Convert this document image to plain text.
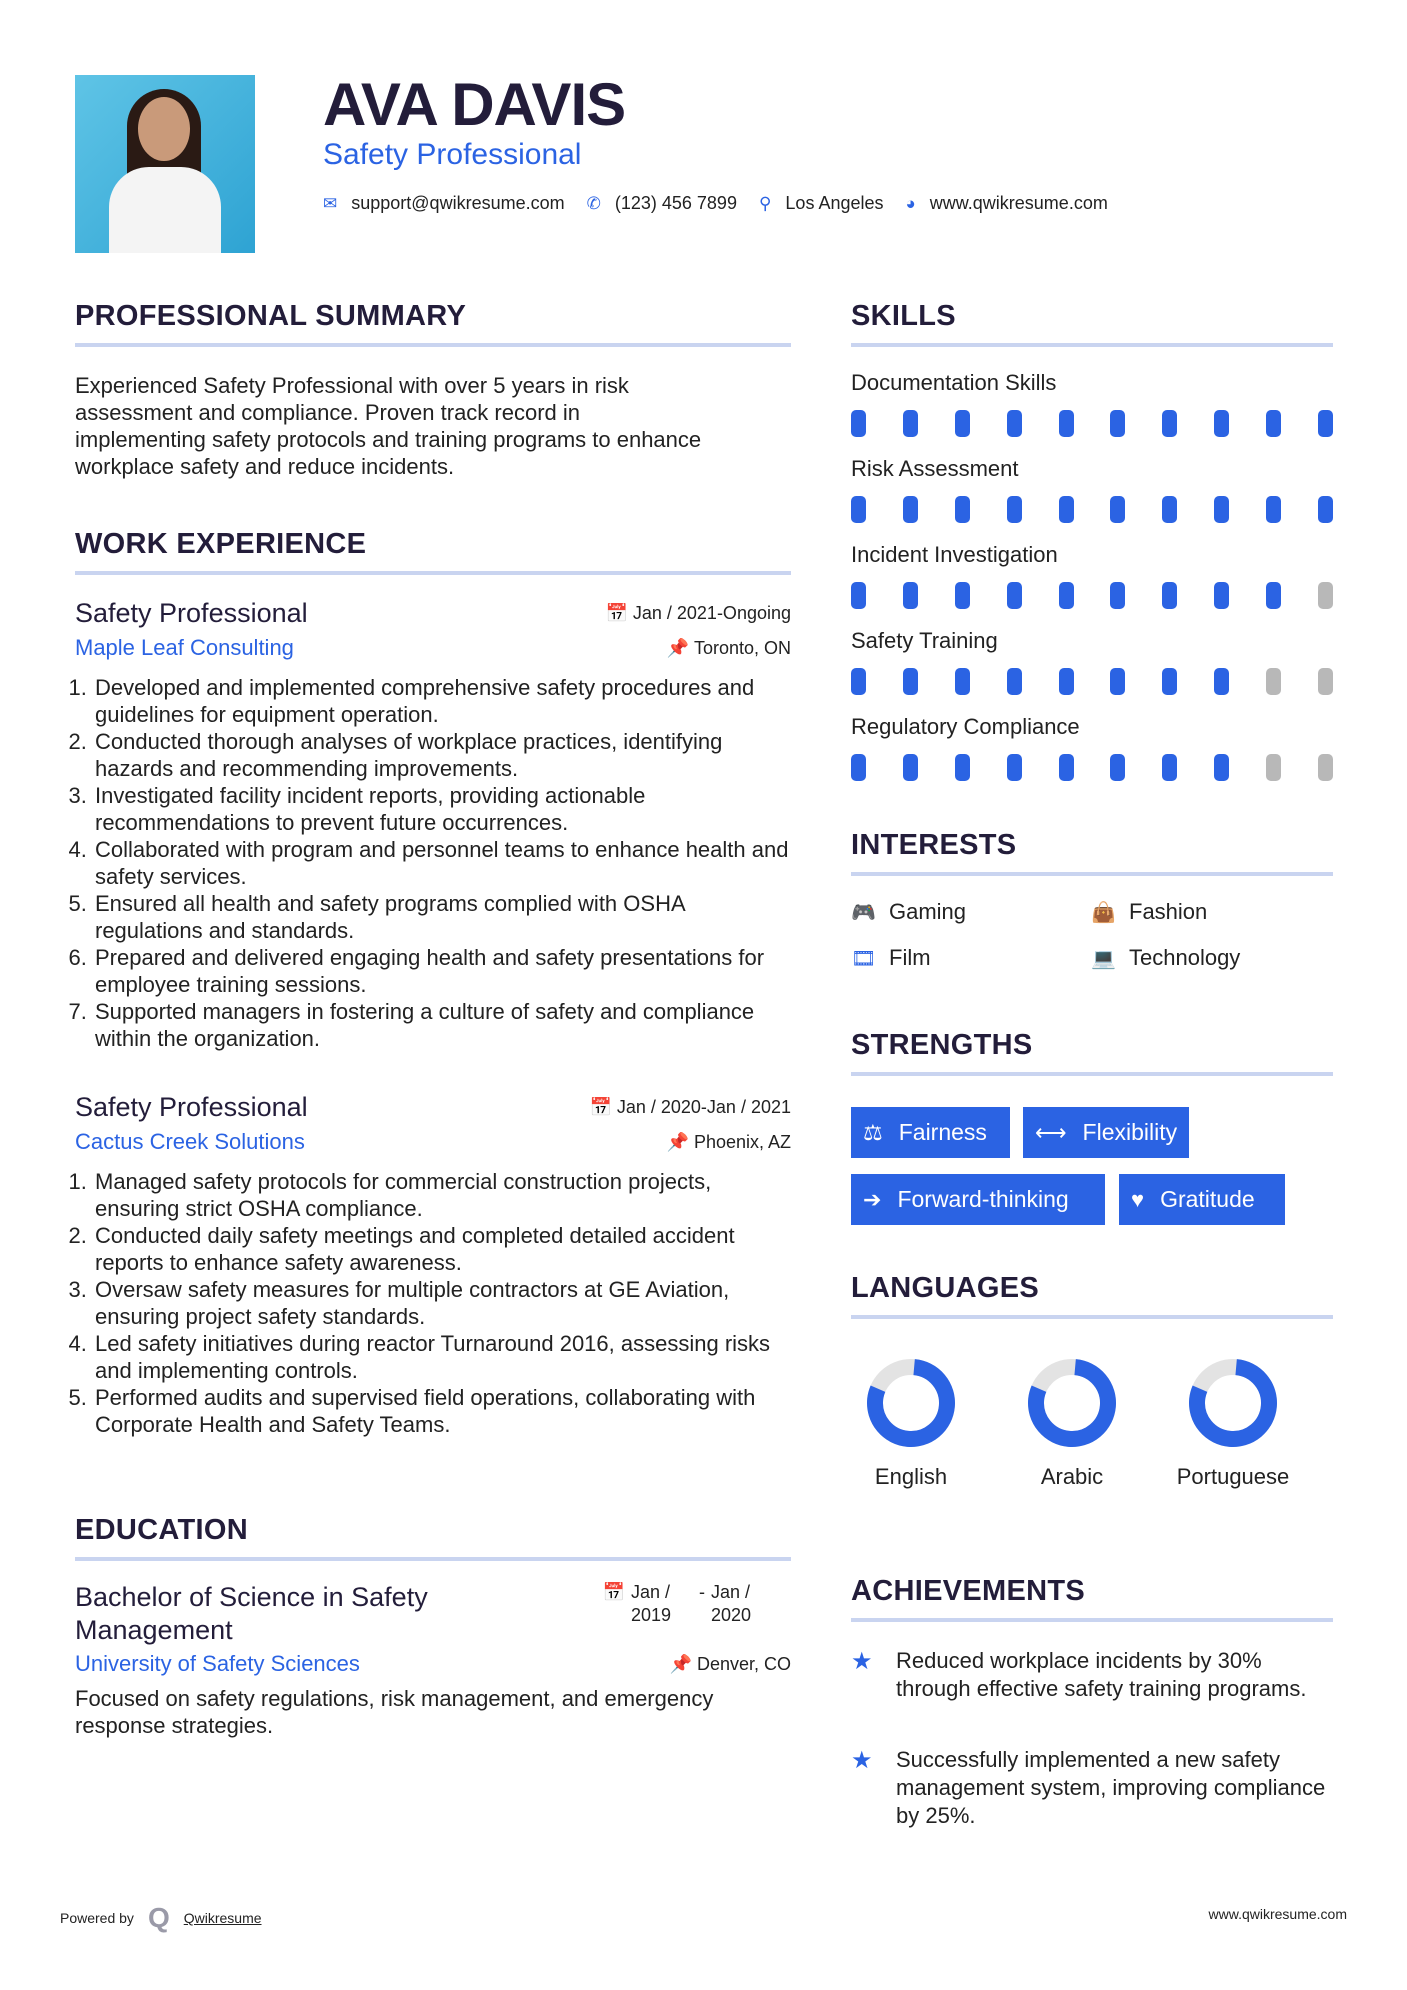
AVA DAVIS
Safety Professional
✉ support@qwikresume.com ✆ (123) 456 7899 ⚲ Los Angeles ◕ www.qwikresume.com
PROFESSIONAL SUMMARY
Experienced Safety Professional with over 5 years in risk assessment and compliance. Proven track record in implementing safety protocols and training programs to enhance workplace safety and reduce incidents.
WORK EXPERIENCE
Safety Professional	📅 Jan / 2021-Ongoing
Maple Leaf Consulting	📌 Toronto, ON
1. Developed and implemented comprehensive safety procedures and guidelines for equipment operation.
2. Conducted thorough analyses of workplace practices, identifying hazards and recommending improvements.
3. Investigated facility incident reports, providing actionable recommendations to prevent future occurrences.
4. Collaborated with program and personnel teams to enhance health and safety services.
5. Ensured all health and safety programs complied with OSHA regulations and standards.
6. Prepared and delivered engaging health and safety presentations for employee training sessions.
7. Supported managers in fostering a culture of safety and compliance within the organization.
Safety Professional	📅 Jan / 2020-Jan / 2021
Cactus Creek Solutions	📌 Phoenix, AZ
1. Managed safety protocols for commercial construction projects, ensuring strict OSHA compliance.
2. Conducted daily safety meetings and completed detailed accident reports to enhance safety awareness.
3. Oversaw safety measures for multiple contractors at GE Aviation, ensuring project safety standards.
4. Led safety initiatives during reactor Turnaround 2016, assessing risks and implementing controls.
5. Performed audits and supervised field operations, collaborating with Corporate Health and Safety Teams.
EDUCATION
Bachelor of Science in Safety Management
📅 Jan / 2019
- Jan / 2020
University of Safety Sciences	📌 Denver, CO
Focused on safety regulations, risk management, and emergency response strategies.
SKILLS
Documentation Skills
Risk Assessment
Incident Investigation
Safety Training
Regulatory Compliance
INTERESTS
🎮 Gaming	👜 Fashion
🎞 Film	💻 Technology
STRENGTHS
⚖ Fairness ⟷ Flexibility
➔ Forward-thinking	♥ Gratitude
LANGUAGES
English	Arabic	Portuguese
ACHIEVEMENTS
★	Reduced workplace incidents by 30% through effective safety training programs.
★	Successfully implemented a new safety management system, improving compliance by 25%.
Powered by Q Qwikresume	www.qwikresume.com
